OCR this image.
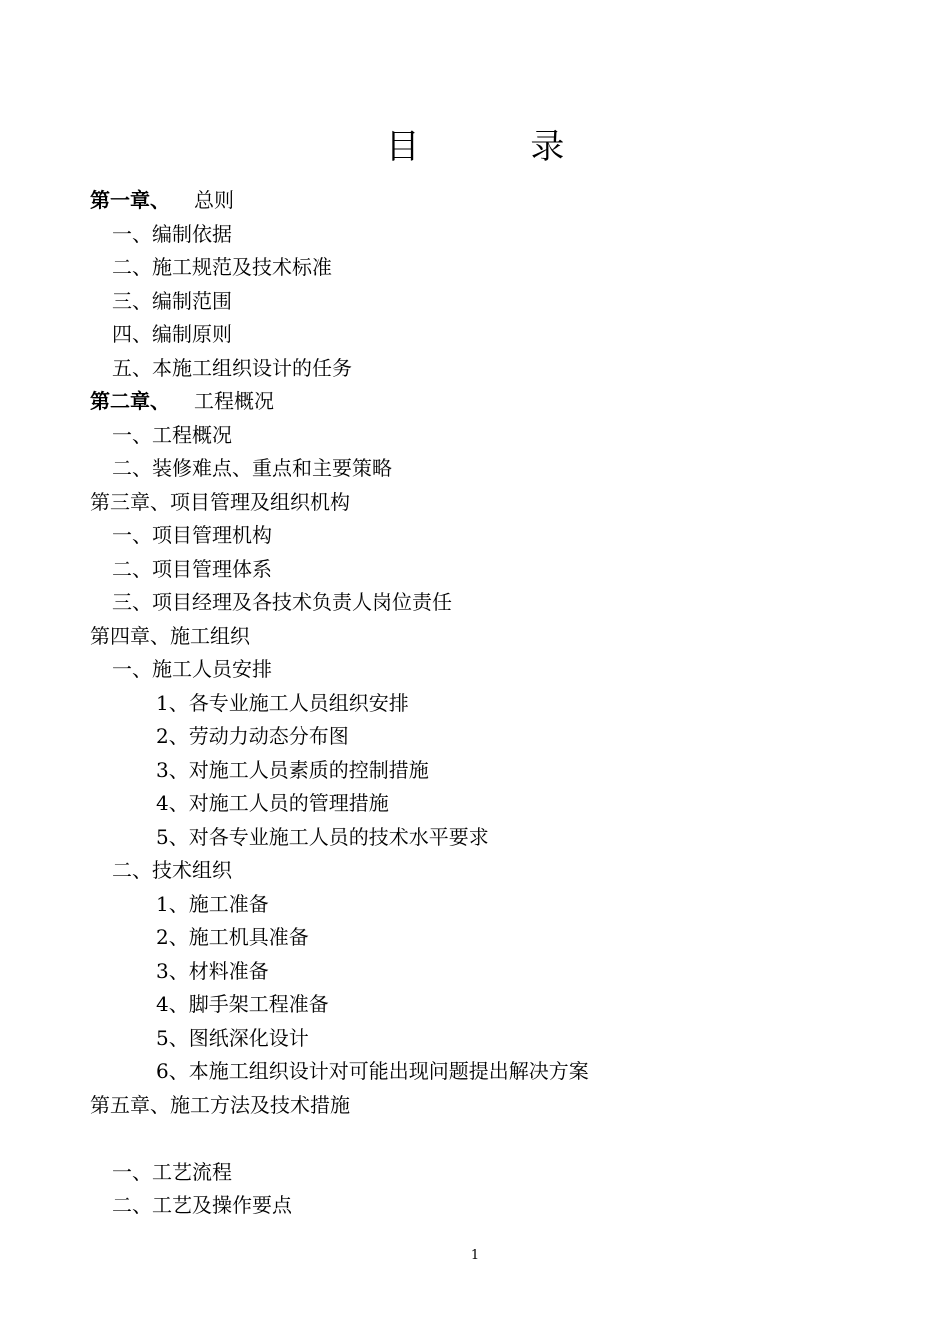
目 录
第一章、 总则
一、编制依据
二、施工规范及技术标准
三、编制范围
四、编制原则
五、本施工组织设计的任务
第二章、 工程概况
一、工程概况
二、装修难点、重点和主要策略
第三章、项目管理及组织机构
一、项目管理机构
二、项目管理体系
三、项目经理及各技术负责人岗位责任
第四章、施工组织
一、施工人员安排
1、各专业施工人员组织安排
2、劳动力动态分布图
3、对施工人员素质的控制措施
4、对施工人员的管理措施
5、对各专业施工人员的技术水平要求
二、技术组织
1、施工准备
2、施工机具准备
3、材料准备
4、脚手架工程准备
5、图纸深化设计
6、本施工组织设计对可能出现问题提出解决方案
第五章、施工方法及技术措施
一、工艺流程
二、工艺及操作要点
1
